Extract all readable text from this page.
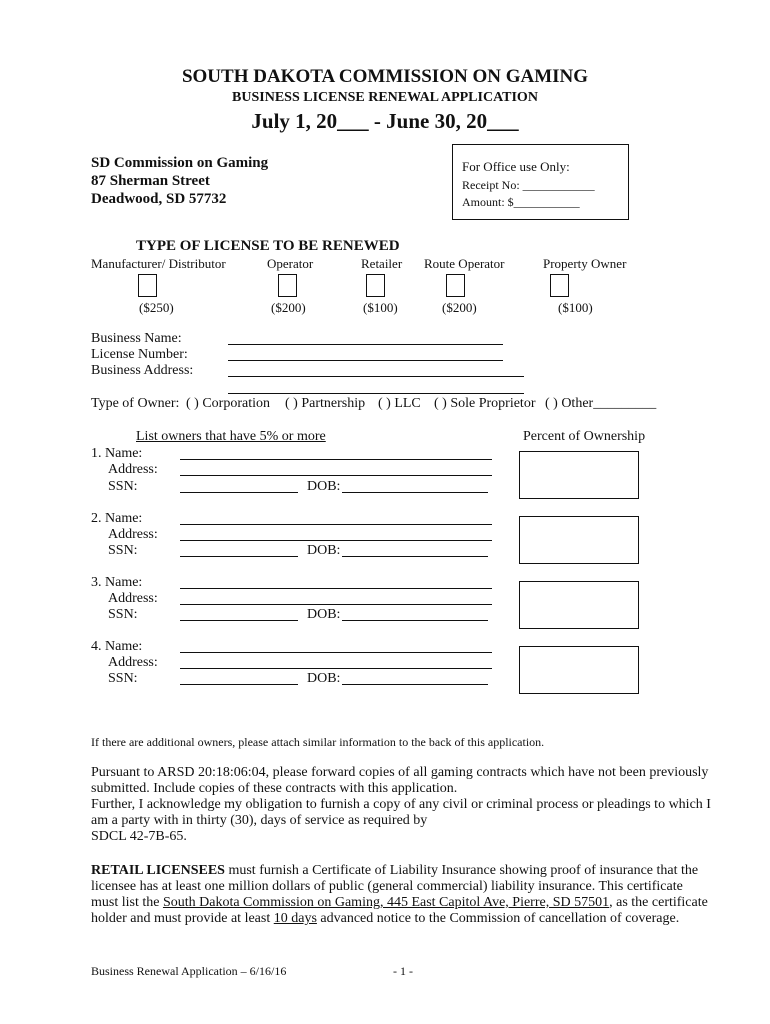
SOUTH DAKOTA COMMISSION ON GAMING
BUSINESS LICENSE RENEWAL APPLICATION
July 1, 20___ - June 30, 20___
SD Commission on Gaming
87 Sherman Street
Deadwood, SD 57732
For Office use Only:
Receipt No: ____________
Amount: $___________
TYPE OF LICENSE TO BE RENEWED
Manufacturer/ Distributor	Operator	Retailer Route Operator	Property Owner
($250)	($200)	($100)	($200)	($100)
Business Name:
License Number:
Business Address:
Type of Owner: ( ) Corporation ( ) Partnership ( ) LLC ( ) Sole Proprietor ( ) Other_________
List owners that have 5% or more	Percent of Ownership
1. Name:
Address:
SSN:	DOB:
2. Name:
Address:
SSN:	DOB:
3. Name:
Address:
SSN:	DOB:
4. Name:
Address:
SSN:	DOB:
If there are additional owners, please attach similar information to the back of this application.
Pursuant to ARSD 20:18:06:04, please forward copies of all gaming contracts which have not been previously
submitted. Include copies of these contracts with this application.
Further, I acknowledge my obligation to furnish a copy of any civil or criminal process or pleadings to which I
am a party with in thirty (30), days of service as required by
SDCL 42-7B-65.
RETAIL LICENSEES must furnish a Certificate of Liability Insurance showing proof of insurance that the
licensee has at least one million dollars of public (general commercial) liability insurance. This certificate
must list the South Dakota Commission on Gaming, 445 East Capitol Ave, Pierre, SD 57501, as the certificate
holder and must provide at least 10 days advanced notice to the Commission of cancellation of coverage.
Business Renewal Application – 6/16/16	- 1 -
